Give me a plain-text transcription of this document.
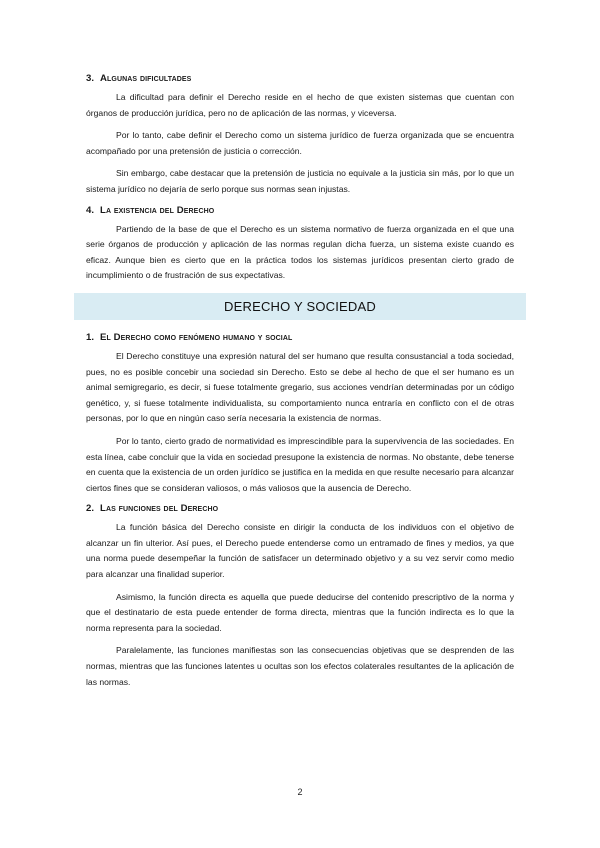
3. Algunas dificultades

La dificultad para definir el Derecho reside en el hecho de que existen sistemas que cuentan con órganos de producción jurídica, pero no de aplicación de las normas, y viceversa.

Por lo tanto, cabe definir el Derecho como un sistema jurídico de fuerza organizada que se encuentra acompañado por una pretensión de justicia o corrección.

Sin embargo, cabe destacar que la pretensión de justicia no equivale a la justicia sin más, por lo que un sistema jurídico no dejaría de serlo porque sus normas sean injustas.

4. La existencia del Derecho

Partiendo de la base de que el Derecho es un sistema normativo de fuerza organizada en el que una serie órganos de producción y aplicación de las normas regulan dicha fuerza, un sistema existe cuando es eficaz. Aunque bien es cierto que en la práctica todos los sistemas jurídicos presentan cierto grado de incumplimiento o de frustración de sus expectativas.

DERECHO Y SOCIEDAD
1. El Derecho como fenómeno humano y social

El Derecho constituye una expresión natural del ser humano que resulta consustancial a toda sociedad, pues, no es posible concebir una sociedad sin Derecho. Esto se debe al hecho de que el ser humano es un animal semigregario, es decir, si fuese totalmente gregario, sus acciones vendrían determinadas por un código genético, y, si fuese totalmente individualista, su comportamiento nunca entraría en conflicto con el de otras personas, por lo que en ningún caso sería necesaria la existencia de normas.

Por lo tanto, cierto grado de normatividad es imprescindible para la supervivencia de las sociedades. En esta línea, cabe concluir que la vida en sociedad presupone la existencia de normas. No obstante, debe tenerse en cuenta que la existencia de un orden jurídico se justifica en la medida en que resulte necesario para alcanzar ciertos fines que se consideran valiosos, o más valiosos que la ausencia de Derecho.

2. Las funciones del Derecho

La función básica del Derecho consiste en dirigir la conducta de los individuos con el objetivo de alcanzar un fin ulterior. Así pues, el Derecho puede entenderse como un entramado de fines y medios, ya que una norma puede desempeñar la función de satisfacer un determinado objetivo y a su vez servir como medio para alcanzar una finalidad superior.

Asimismo, la función directa es aquella que puede deducirse del contenido prescriptivo de la norma y que el destinatario de esta puede entender de forma directa, mientras que la función indirecta es lo que la norma representa para la sociedad.

Paralelamente, las funciones manifiestas son las consecuencias objetivas que se desprenden de las normas, mientras que las funciones latentes u ocultas son los efectos colaterales resultantes de la aplicación de las normas.

2
